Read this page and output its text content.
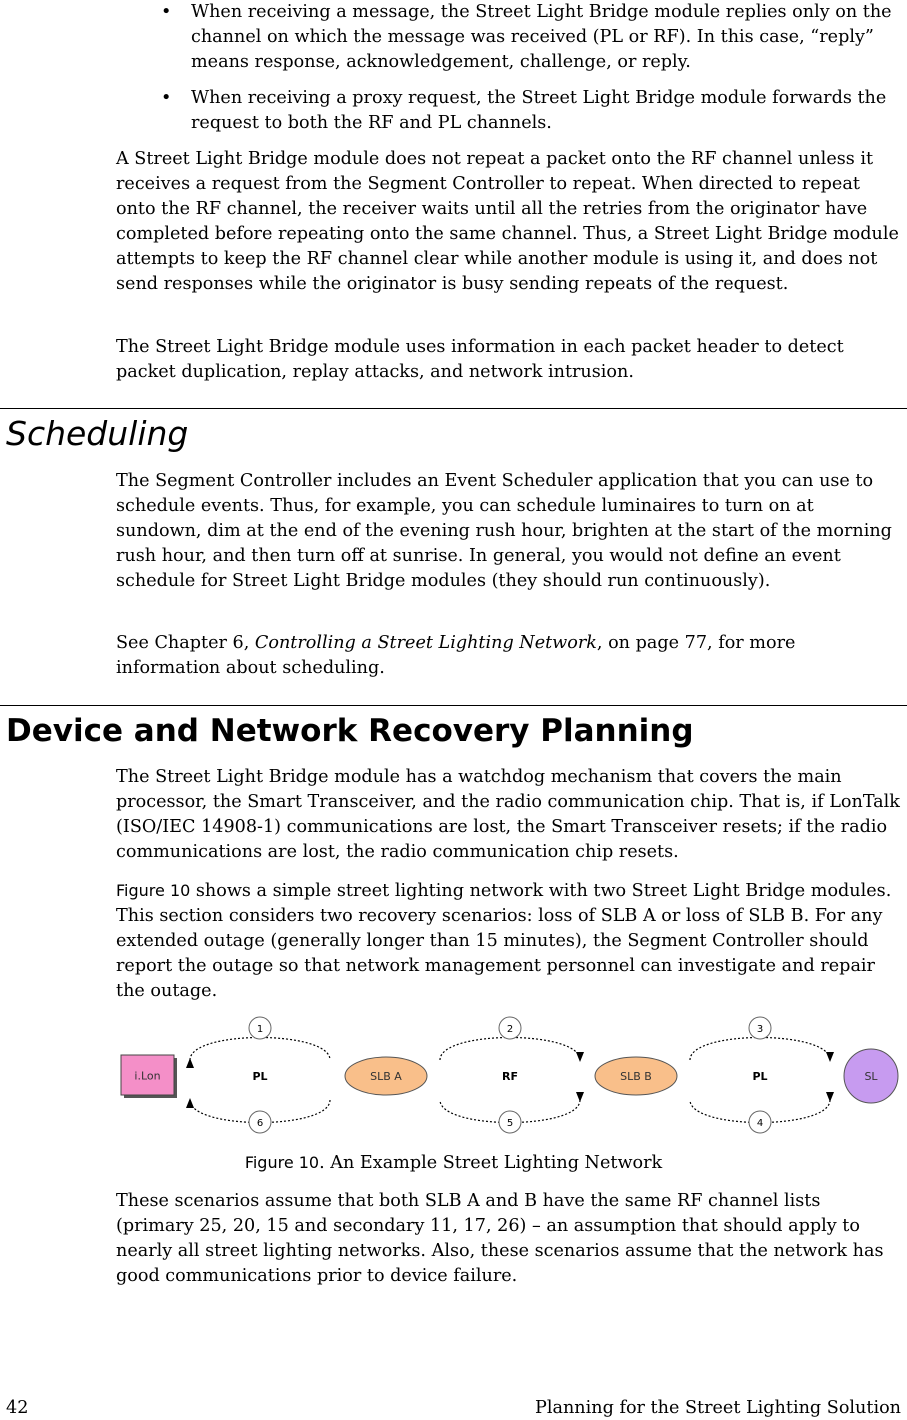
• When receiving a message, the Street Light Bridge module replies only on the channel on which the message was received (PL or RF). In this case, “reply” means response, acknowledgement, challenge, or reply.
• When receiving a proxy request, the Street Light Bridge module forwards the request to both the RF and PL channels.

A Street Light Bridge module does not repeat a packet onto the RF channel unless it receives a request from the Segment Controller to repeat. When directed to repeat onto the RF channel, the receiver waits until all the retries from the originator have completed before repeating onto the same channel. Thus, a Street Light Bridge module attempts to keep the RF channel clear while another module is using it, and does not send responses while the originator is busy sending repeats of the request.

The Street Light Bridge module uses information in each packet header to detect packet duplication, replay attacks, and network intrusion.

Scheduling

The Segment Controller includes an Event Scheduler application that you can use to schedule events. Thus, for example, you can schedule luminaires to turn on at sundown, dim at the end of the evening rush hour, brighten at the start of the morning rush hour, and then turn off at sunrise. In general, you would not define an event schedule for Street Light Bridge modules (they should run continuously).

See Chapter 6, Controlling a Street Lighting Network, on page 77, for more information about scheduling.

Device and Network Recovery Planning

The Street Light Bridge module has a watchdog mechanism that covers the main processor, the Smart Transceiver, and the radio communication chip. That is, if LonTalk (ISO/IEC 14908-1) communications are lost, the Smart Transceiver resets; if the radio communications are lost, the radio communication chip resets.

Figure 10 shows a simple street lighting network with two Street Light Bridge modules. This section considers two recovery scenarios: loss of SLB A or loss of SLB B. For any extended outage (generally longer than 15 minutes), the Segment Controller should report the outage so that network management personnel can investigate and repair the outage.

i.Lon	PL	SLB A	RF	SLB B	PL	SL
1	2	3
4
5
6
Figure 10. An Example Street Lighting Network

These scenarios assume that both SLB A and B have the same RF channel lists (primary 25, 20, 15 and secondary 11, 17, 26) – an assumption that should apply to nearly all street lighting networks. Also, these scenarios assume that the network has good communications prior to device failure.

42	Planning for the Street Lighting Solution
